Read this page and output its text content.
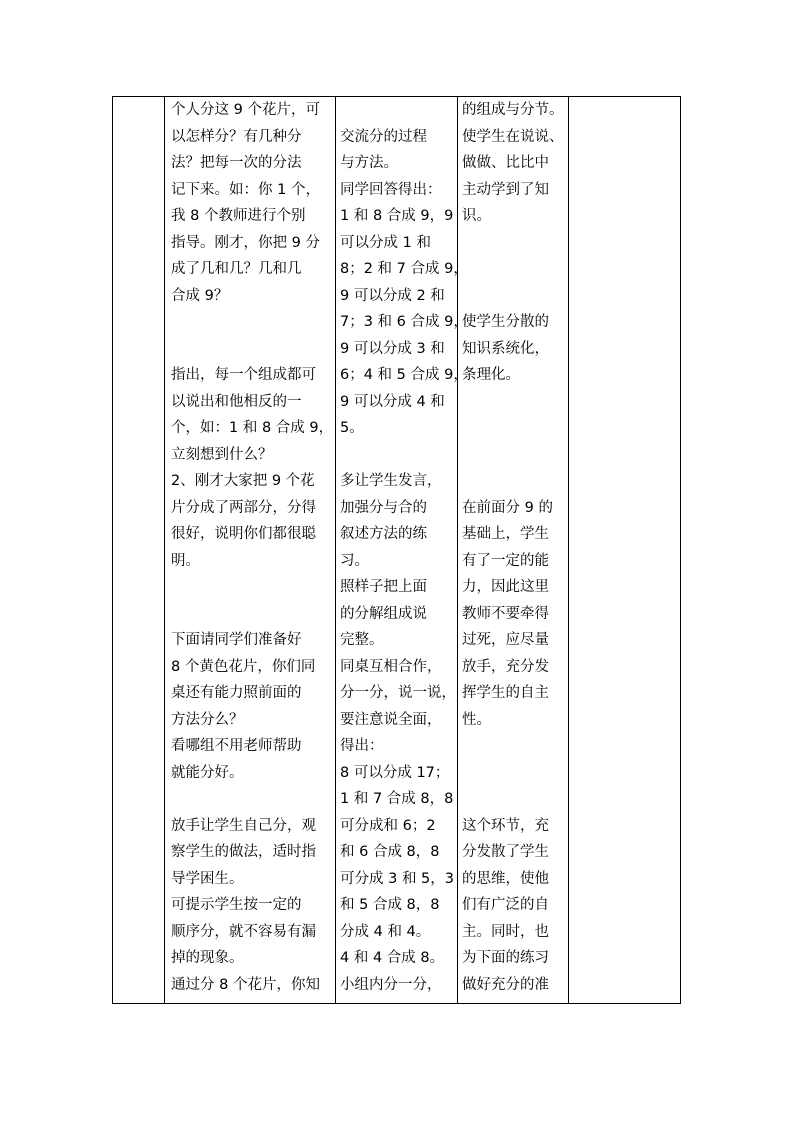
个人分这 9 个花片，可
以怎样分？有几种分
法？把每一次的分法
记下来。如：你 1 个，
我 8 个教师进行个别
指导。刚才，你把 9 分
成了几和几？几和几
合成 9？
指出，每一个组成都可
以说出和他相反的一
个，如：1 和 8 合成 9，
立刻想到什么？
2、刚才大家把 9 个花
片分成了两部分，分得
很好，说明你们都很聪
明。
下面请同学们准备好
8 个黄色花片，你们同
桌还有能力照前面的
方法分么？
看哪组不用老师帮助
就能分好。
放手让学生自己分，观
察学生的做法，适时指
导学困生。
可提示学生按一定的
顺序分，就不容易有漏
掉的现象。
通过分 8 个花片，你知
交流分的过程
与方法。
同学回答得出：
1 和 8 合成 9，9
可以分成 1 和
8；2 和 7 合成 9，
9 可以分成 2 和
7；3 和 6 合成 9，
9 可以分成 3 和
6；4 和 5 合成 9，
9 可以分成 4 和
5。
多让学生发言，
加强分与合的
叙述方法的练
习。
照样子把上面
的分解组成说
完整。
同桌互相合作，
分一分，说一说，
要注意说全面，
得出：
8 可以分成 17；
1 和 7 合成 8，8
可分成和 6；2
和 6 合成 8，8
可分成 3 和 5，3
和 5 合成 8，8
分成 4 和 4。
4 和 4 合成 8。
小组内分一分，
的组成与分节。
使学生在说说、
做做、比比中
主动学到了知
识。
使学生分散的
知识系统化，
条理化。
在前面分 9 的
基础上，学生
有了一定的能
力，因此这里
教师不要牵得
过死，应尽量
放手，充分发
挥学生的自主
性。
这个环节，充
分发散了学生
的思维，使他
们有广泛的自
主。同时，也
为下面的练习
做好充分的准
